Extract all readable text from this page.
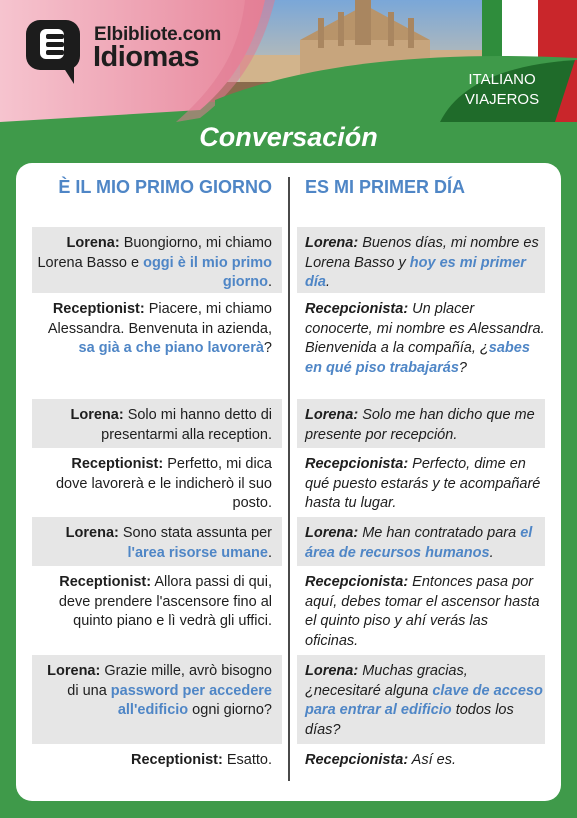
Elbibliote.com
Idiomas
ITALIANO
VIAJEROS
Conversación
È IL MIO PRIMO GIORNO ES MI PRIMER DÍA
Lorena: Buongiorno, mi chiamo Lorena Basso e oggi è il mio primo giorno.
Lorena: Buenos días, mi nombre es Lorena Basso y hoy es mi primer día.
Receptionist: Piacere, mi chiamo Alessandra. Benvenuta in azienda, sa già a che piano lavorerà?
Recepcionista: Un placer conocerte, mi nombre es Alessandra. Bienvenida a la compañía, ¿sabes en qué piso trabajarás?
Lorena: Solo mi hanno detto di presentarmi alla reception.
Lorena: Solo me han dicho que me presente por recepción.
Receptionist: Perfetto, mi dica dove lavorerà e le indicherò il suo posto.
Recepcionista: Perfecto, dime en qué puesto estarás y te acompañaré hasta tu lugar.
Lorena: Sono stata assunta per l'area risorse umane.
Lorena: Me han contratado para el área de recursos humanos.
Receptionist: Allora passi di qui, deve prendere l'ascensore fino al quinto piano e lì vedrà gli uffici.
Recepcionista: Entonces pasa por aquí, debes tomar el ascensor hasta el quinto piso y ahí verás las oficinas.
Lorena: Grazie mille, avrò bisogno di una password per accedere all'edificio ogni giorno?
Lorena: Muchas gracias, ¿necesitaré alguna clave de acceso para entrar al edificio todos los días?
Receptionist: Esatto. Recepcionista: Así es.
